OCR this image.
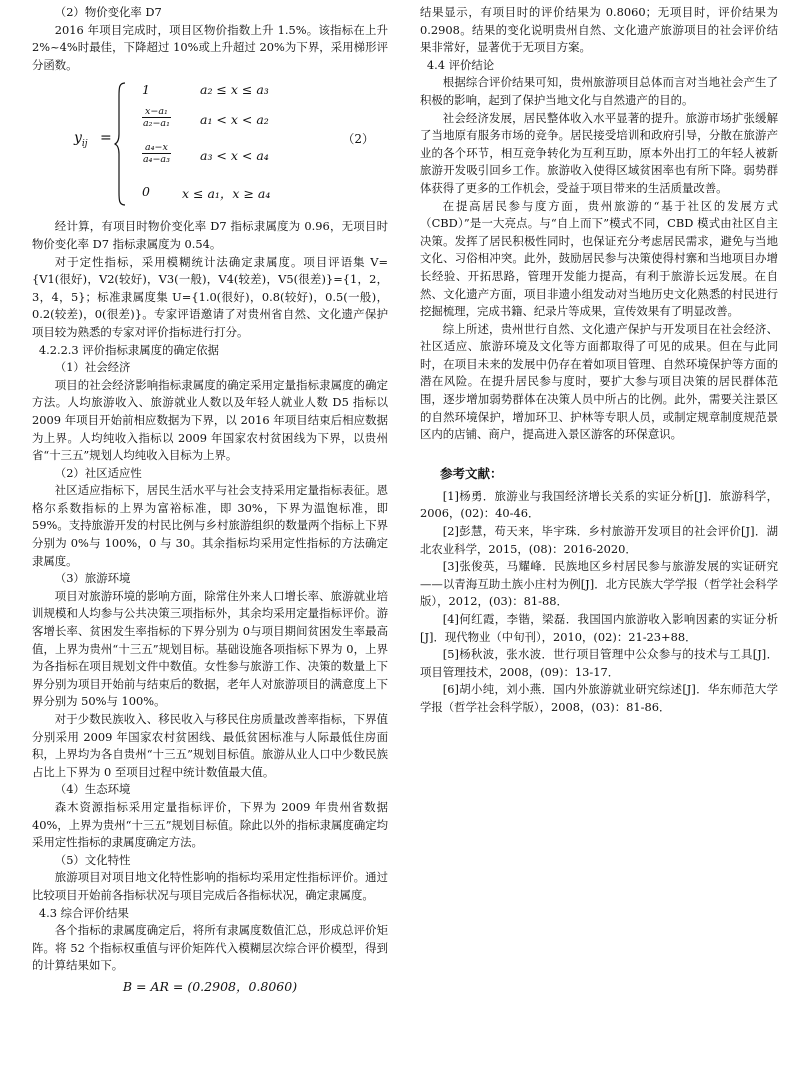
（2）物价变化率 D7

2016 年项目完成时，项目区物价指数上升 1.5%。该指标在上升 2%~4%时最佳，下降超过 10%或上升超过 20%为下界，采用梯形评分函数。

$y_{ij}$ =
1	a₂ ≤ x ≤ a₃
$\frac{\text{x−a₁}}{\text{a₂−a₁}} a_1 < x < a_2$
$\frac{\text{a₄−x}}{\text{a₄−a₃}} a_3 < x < a_4$
0	x ≤ a₁，x ≥ a₄
（2）

经计算，有项目时物价变化率 D7 指标隶属度为 0.96，无项目时物价变化率 D7 指标隶属度为 0.54。

对于定性指标，采用模糊统计法确定隶属度。项目评语集 V={V1(很好)，V2(较好)，V3(一般)，V4(较差)，V5(很差)}={1，2，3，4，5}；标准隶属度集 U={1.0(很好)，0.8(较好)，0.5(一般)，0.2(较差)，0(很差)}。专家评语邀请了对贵州省自然、文化遗产保护项目较为熟悉的专家对评价指标进行打分。

4.2.2.3 评价指标隶属度的确定依据
（1）社会经济

项目的社会经济影响指标隶属度的确定采用定量指标隶属度的确定方法。人均旅游收入、旅游就业人数以及年轻人就业人数 D5 指标以 2009 年项目开始前相应数据为下界，以 2016 年项目结束后相应数据为上界。人均纯收入指标以 2009 年国家农村贫困线为下界，以贵州省“十三五”规划人均纯收入目标为上界。

（2）社区适应性

社区适应指标下，居民生活水平与社会支持采用定量指标表征。恩格尔系数指标的上界为富裕标准，即 30%，下界为温饱标准，即 59%。支持旅游开发的村民比例与乡村旅游组织的数量两个指标上下界分别为 0%与 100%，0 与 30。其余指标均采用定性指标的方法确定隶属度。

（3）旅游环境

项目对旅游环境的影响方面，除常住外来人口增长率、旅游就业培训规模和人均参与公共决策三项指标外，其余均采用定量指标评价。游客增长率、贫困发生率指标的下界分别为 0与项目期间贫困发生率最高值，上界为贵州“十三五”规划目标。基础设施各项指标下界为 0，上界为各指标在项目规划文件中数值。女性参与旅游工作、决策的数量上下界分别为项目开始前与结束后的数据，老年人对旅游项目的满意度上下界分别为 50%与 100%。

对于少数民族收入、移民收入与移民住房质量改善率指标，下界值分别采用 2009 年国家农村贫困线、最低贫困标准与人际最低住房面积，上界均为各自贵州“十三五”规划目标值。旅游从业人口中少数民族占比上下界为 0 至项目过程中统计数值最大值。

（4）生态环境

森木资源指标采用定量指标评价，下界为 2009 年贵州省数据 40%，上界为贵州“十三五”规划目标值。除此以外的指标隶属度确定均采用定性指标的隶属度确定方法。

（5）文化特性

旅游项目对项目地文化特性影响的指标均采用定性指标评价。通过比较项目开始前各指标状况与项目完成后各指标状况，确定隶属度。

4.3 综合评价结果

各个指标的隶属度确定后，将所有隶属度数值汇总，形成总评价矩阵。将 52 个指标权重值与评价矩阵代入模糊层次综合评价模型，得到的计算结果如下。

B = AR = (0.2908，0.8060)

结果显示，有项目时的评价结果为 0.8060；无项目时，评价结果为 0.2908。结果的变化说明贵州自然、文化遗产旅游项目的社会评价结果非常好，显著优于无项目方案。

4.4 评价结论

根据综合评价结果可知，贵州旅游项目总体而言对当地社会产生了积极的影响，起到了保护当地文化与自然遗产的目的。

社会经济发展，居民整体收入水平显著的提升。旅游市场扩张缓解了当地原有服务市场的竞争。居民接受培训和政府引导，分散在旅游产业的各个环节，相互竞争转化为互利互助，原本外出打工的年轻人被新旅游开发吸引回乡工作。旅游收入使得区域贫困率也有所下降。弱势群体获得了更多的工作机会，受益于项目带来的生活质量改善。

在提高居民参与度方面，贵州旅游的“基于社区的发展方式（CBD）”是一大亮点。与“自上而下”模式不同，CBD 模式由社区自主决策。发挥了居民积极性同时，也保证充分考虑居民需求，避免与当地文化、习俗相冲突。此外，鼓励居民参与决策使得村寨和当地项目办增长经验、开拓思路，管理开发能力提高，有利于旅游长远发展。在自然、文化遗产方面，项目非遗小组发动对当地历史文化熟悉的村民进行挖掘梳理，完成书籍、纪录片等成果，宣传效果有了明显改善。

综上所述，贵州世行自然、文化遗产保护与开发项目在社会经济、社区适应、旅游环境及文化等方面都取得了可见的成果。但在与此同时，在项目未来的发展中仍存在着如项目管理、自然环境保护等方面的潜在风险。在提升居民参与度时，要扩大参与项目决策的居民群体范围，逐步增加弱势群体在决策人员中所占的比例。此外，需要关注景区的自然环境保护，增加环卫、护林等专职人员，或制定规章制度规范景区内的店铺、商户，提高进入景区游客的环保意识。

参考文献：

[1]杨勇．旅游业与我国经济增长关系的实证分析[J]．旅游科学，2006，(02)：40-46．

[2]彭慧，苟天来，毕宇珠．乡村旅游开发项目的社会评价[J]．湖北农业科学，2015，(08)：2016-2020．

[3]张俊英，马耀峰．民族地区乡村居民参与旅游发展的实证研究——以青海互助土族小庄村为例[J]．北方民族大学学报（哲学社会科学版），2012，(03)：81-88．

[4]何红霞，李锴，梁磊．我国国内旅游收入影响因素的实证分析[J]．现代物业（中旬刊），2010，(02)：21-23+88．

[5]杨秋波，张水波．世行项目管理中公众参与的技术与工具[J]．项目管理技术，2008，(09)：13-17．

[6]胡小纯，刘小燕．国内外旅游就业研究综述[J]．华东师范大学学报（哲学社会科学版），2008，(03)：81-86．
